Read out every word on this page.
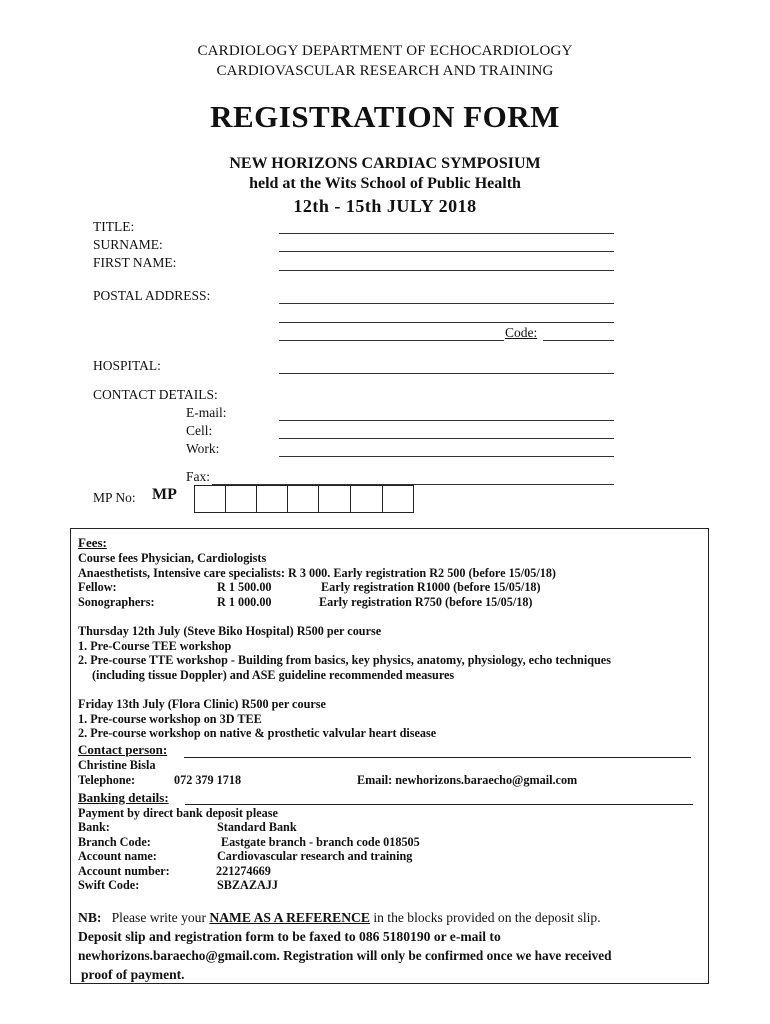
CARDIOLOGY DEPARTMENT OF ECHOCARDIOLOGY
CARDIOVASCULAR RESEARCH AND TRAINING
REGISTRATION FORM
NEW HORIZONS CARDIAC SYMPOSIUM
held at the Wits School of Public Health
12th - 15th JULY 2018
TITLE:
SURNAME:
FIRST NAME:
POSTAL ADDRESS:
Code:
HOSPITAL:
CONTACT DETAILS:
E-mail:
Cell:
Work:
Fax:
MP No: MP
Fees:
Course fees Physician, Cardiologists
Anaesthetists, Intensive care specialists: R 3 000. Early registration R2 500 (before 15/05/18)
Fellow:	R 1 500.00	Early registration R1000 (before 15/05/18)
Sonographers:	R 1 000.00	Early registration R750 (before 15/05/18)
Thursday 12th July (Steve Biko Hospital) R500 per course
1. Pre-Course TEE workshop
2. Pre-course TTE workshop - Building from basics, key physics, anatomy, physiology, echo techniques
(including tissue Doppler) and ASE guideline recommended measures
Friday 13th July (Flora Clinic) R500 per course
1. Pre-course workshop on 3D TEE
2. Pre-course workshop on native & prosthetic valvular heart disease
Contact person:
Christine Bisla
Telephone:	072 379 1718	Email: newhorizons.baraecho@gmail.com
Banking details:
Payment by direct bank deposit please
Bank:	Standard Bank
Branch Code:	Eastgate branch - branch code 018505
Account name:	Cardiovascular research and training
Account number:	221274669
Swift Code:	SBZAZAJJ
NB: Please write your NAME AS A REFERENCE in the blocks provided on the deposit slip.
Deposit slip and registration form to be faxed to 086 5180190 or e-mail to
newhorizons.baraecho@gmail.com. Registration will only be confirmed once we have received
proof of payment.
